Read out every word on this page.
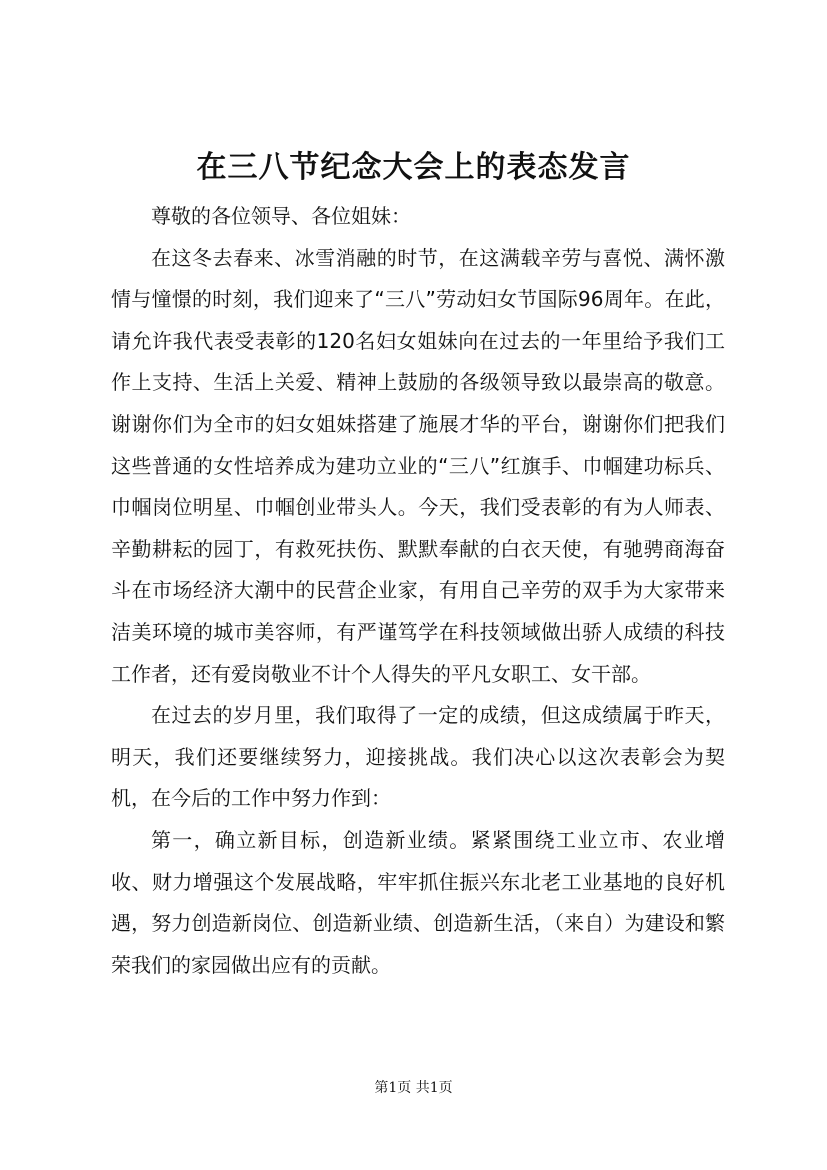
在三八节纪念大会上的表态发言

尊敬的各位领导、各位姐妹：

在这冬去春来、冰雪消融的时节，在这满载辛劳与喜悦、满怀激情与憧憬的时刻，我们迎来了“三八”劳动妇女节国际96周年。在此，请允许我代表受表彰的120名妇女姐妹向在过去的一年里给予我们工作上支持、生活上关爱、精神上鼓励的各级领导致以最崇高的敬意。谢谢你们为全市的妇女姐妹搭建了施展才华的平台，谢谢你们把我们这些普通的女性培养成为建功立业的“三八”红旗手、巾帼建功标兵、巾帼岗位明星、巾帼创业带头人。今天，我们受表彰的有为人师表、辛勤耕耘的园丁，有救死扶伤、默默奉献的白衣天使，有驰骋商海奋斗在市场经济大潮中的民营企业家，有用自己辛劳的双手为大家带来洁美环境的城市美容师，有严谨笃学在科技领域做出骄人成绩的科技工作者，还有爱岗敬业不计个人得失的平凡女职工、女干部。

在过去的岁月里，我们取得了一定的成绩，但这成绩属于昨天，明天，我们还要继续努力，迎接挑战。我们决心以这次表彰会为契机，在今后的工作中努力作到：

第一，确立新目标，创造新业绩。紧紧围绕工业立市、农业增收、财力增强这个发展战略，牢牢抓住振兴东北老工业基地的良好机遇，努力创造新岗位、创造新业绩、创造新生活，（来自）为建设和繁荣我们的家园做出应有的贡献。

第1页 共1页
